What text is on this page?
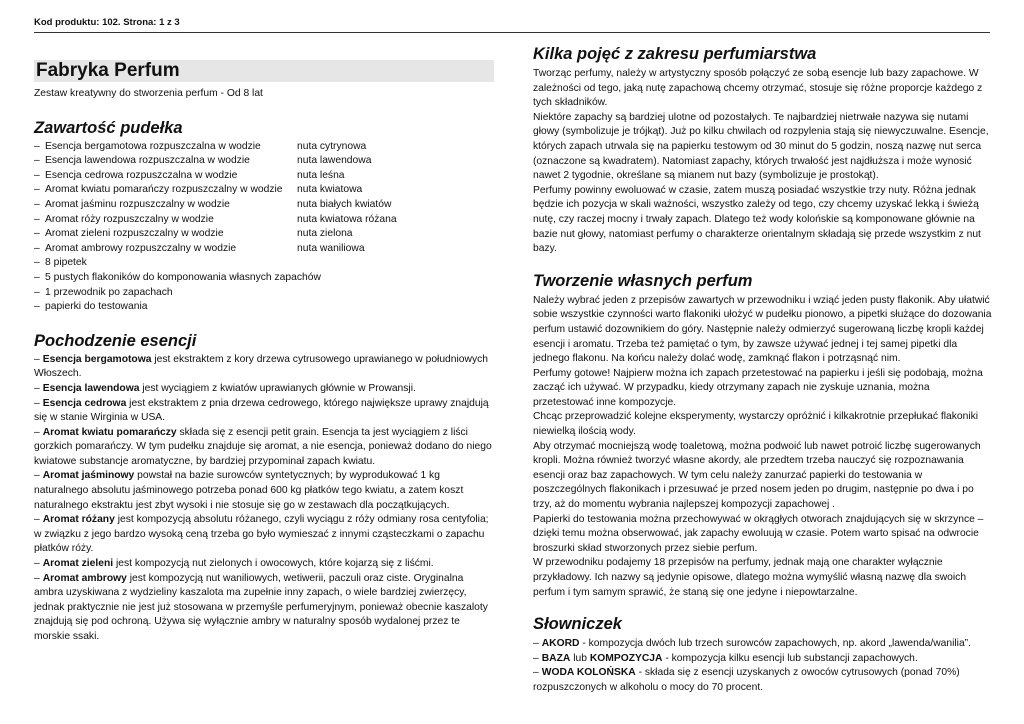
Kod produktu: 102. Strona: 1 z 3
Fabryka Perfum
Zestaw kreatywny do stworzenia perfum - Od 8 lat
Zawartość pudełka
– Esencja bergamotowa rozpuszczalna w wodzie	nuta cytrynowa
– Esencja lawendowa rozpuszczalna w wodzie	nuta lawendowa
– Esencja cedrowa rozpuszczalna w wodzie	nuta leśna
– Aromat kwiatu pomarańczy rozpuszczalny w wodzie nuta kwiatowa
– Aromat jaśminu rozpuszczalny w wodzie	nuta białych kwiatów
– Aromat róży rozpuszczalny w wodzie	nuta kwiatowa różana
– Aromat zieleni rozpuszczalny w wodzie	nuta zielona
– Aromat ambrowy rozpuszczalny w wodzie	nuta waniliowa
– 8 pipetek
– 5 pustych flakoników do komponowania własnych zapachów
– 1 przewodnik po zapachach
– papierki do testowania
Pochodzenie esencji

– Esencja bergamotowa jest ekstraktem z kory drzewa cytrusowego uprawianego w południowych Włoszech.

– Esencja lawendowa jest wyciągiem z kwiatów uprawianych głównie w Prowansji.

– Esencja cedrowa jest ekstraktem z pnia drzewa cedrowego, którego największe uprawy znajdują się w stanie Wirginia w USA.

– Aromat kwiatu pomarańczy składa się z esencji petit grain. Esencja ta jest wyciągiem z liści gorzkich pomarańczy. W tym pudełku znajduje się aromat, a nie esencja, ponieważ dodano do niego kwiatowe substancje aromatyczne, by bardziej przypominał zapach kwiatu.

– Aromat jaśminowy powstał na bazie surowców syntetycznych; by wyprodukować 1 kg naturalnego absolutu jaśminowego potrzeba ponad 600 kg płatków tego kwiatu, a zatem koszt naturalnego ekstraktu jest zbyt wysoki i nie stosuje się go w zestawach dla początkujących.

– Aromat różany jest kompozycją absolutu różanego, czyli wyciągu z róży odmiany rosa centyfolia; w związku z jego bardzo wysoką ceną trzeba go było wymieszać z innymi cząsteczkami o zapachu płatków róży.

– Aromat zieleni jest kompozycją nut zielonych i owocowych, które kojarzą się z liśćmi.

– Aromat ambrowy jest kompozycją nut waniliowych, wetiwerii, paczuli oraz ciste. Oryginalna ambra uzyskiwana z wydzieliny kaszalota ma zupełnie inny zapach, o wiele bardziej zwierzęcy, jednak praktycznie nie jest już stosowana w przemyśle perfumeryjnym, ponieważ obecnie kaszaloty znajdują się pod ochroną. Używa się wyłącznie ambry w naturalny sposób wydalonej przez te morskie ssaki.

Kilka pojęć z zakresu perfumiarstwa

Tworząc perfumy, należy w artystyczny sposób połączyć ze sobą esencje lub bazy zapachowe. W zależności od tego, jaką nutę zapachową chcemy otrzymać, stosuje się różne proporcje każdego z tych składników.

Niektóre zapachy są bardziej ulotne od pozostałych. Te najbardziej nietrwałe nazywa się nutami głowy (symbolizuje je trójkąt). Już po kilku chwilach od rozpylenia stają się niewyczuwalne. Esencje, których zapach utrwala się na papierku testowym od 30 minut do 5 godzin, noszą nazwę nut serca (oznaczone są kwadratem). Natomiast zapachy, których trwałość jest najdłuższa i może wynosić nawet 2 tygodnie, określane są mianem nut bazy (symbolizuje je prostokąt).

Perfumy powinny ewoluować w czasie, zatem muszą posiadać wszystkie trzy nuty. Różna jednak będzie ich pozycja w skali ważności, wszystko zależy od tego, czy chcemy uzyskać lekką i świeżą nutę, czy raczej mocny i trwały zapach. Dlatego też wody kolońskie są komponowane głównie na bazie nut głowy, natomiast perfumy o charakterze orientalnym składają się przede wszystkim z nut bazy.

Tworzenie własnych perfum

Należy wybrać jeden z przepisów zawartych w przewodniku i wziąć jeden pusty flakonik. Aby ułatwić sobie wszystkie czynności warto flakoniki ułożyć w pudełku pionowo, a pipetki służące do dozowania perfum ustawić dozownikiem do góry. Następnie należy odmierzyć sugerowaną liczbę kropli każdej esencji i aromatu. Trzeba też pamiętać o tym, by zawsze używać jednej i tej samej pipetki dla jednego flakonu. Na końcu należy dolać wodę, zamknąć flakon i potrząsnąć nim.

Perfumy gotowe! Najpierw można ich zapach przetestować na papierku i jeśli się podobają, można zacząć ich używać. W przypadku, kiedy otrzymany zapach nie zyskuje uznania, można przetestować inne kompozycje.

Chcąc przeprowadzić kolejne eksperymenty, wystarczy opróżnić i kilkakrotnie przepłukać flakoniki niewielką ilością wody.

Aby otrzymać mocniejszą wodę toaletową, można podwoić lub nawet potroić liczbę sugerowanych kropli. Można również tworzyć własne akordy, ale przedtem trzeba nauczyć się rozpoznawania esencji oraz baz zapachowych. W tym celu należy zanurzać papierki do testowania w poszczególnych flakonikach i przesuwać je przed nosem jeden po drugim, następnie po dwa i po trzy, aż do momentu wybrania najlepszej kompozycji zapachowej .

Papierki do testowania można przechowywać w okrągłych otworach znajdujących się w skrzynce – dzięki temu można obserwować, jak zapachy ewoluują w czasie. Potem warto spisać na odwrocie broszurki skład stworzonych przez siebie perfum.

W przewodniku podajemy 18 przepisów na perfumy, jednak mają one charakter wyłącznie przykładowy. Ich nazwy są jedynie opisowe, dlatego można wymyślić własną nazwę dla swoich perfum i tym samym sprawić, że staną się one jedyne i niepowtarzalne.

Słowniczek

– AKORD - kompozycja dwóch lub trzech surowców zapachowych, np. akord „lawenda/wanilia”.

– BAZA lub KOMPOZYCJA - kompozycja kilku esencji lub substancji zapachowych.

– WODA KOLOŃSKA - składa się z esencji uzyskanych z owoców cytrusowych (ponad 70%) rozpuszczonych w alkoholu o mocy do 70 procent.
